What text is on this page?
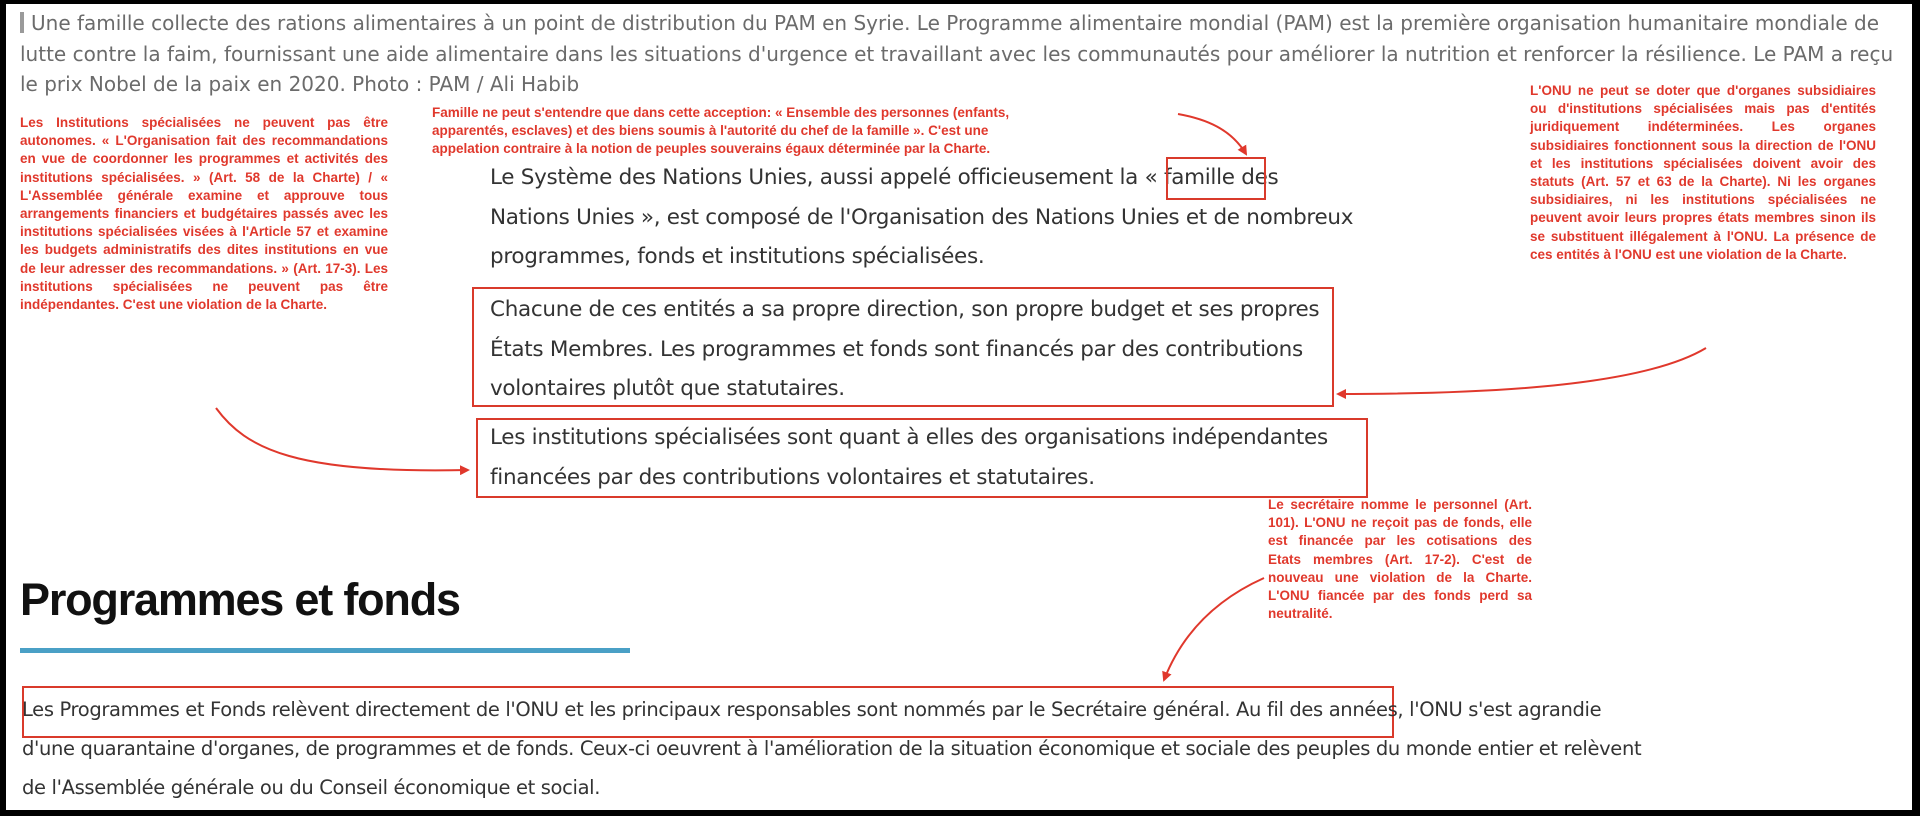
Une famille collecte des rations alimentaires à un point de distribution du PAM en Syrie. Le Programme alimentaire mondial (PAM) est la première organisation humanitaire mondiale de lutte contre la faim, fournissant une aide alimentaire dans les situations d'urgence et travaillant avec les communautés pour améliorer la nutrition et renforcer la résilience. Le PAM a reçu le prix Nobel de la paix en 2020. Photo : PAM / Ali Habib
Les Institutions spécialisées ne peuvent pas être autonomes. « L'Organisation fait des recommandations en vue de coordonner les programmes et activités des institutions spécialisées. » (Art. 58 de la Charte) / « L'Assemblée générale examine et approuve tous arrangements financiers et budgétaires passés avec les institutions spécialisées visées à l'Article 57 et examine les budgets administratifs des dites institutions en vue de leur adresser des recommandations. » (Art. 17-3). Les institutions spécialisées ne peuvent pas être indépendantes. C'est une violation de la Charte.
Famille ne peut s'entendre que dans cette acception: « Ensemble des personnes (enfants,
apparentés, esclaves) et des biens soumis à l'autorité du chef de la famille ». C'est une
appelation contraire à la notion de peuples souverains égaux déterminée par la Charte.
L'ONU ne peut se doter que d'organes subsidiaires ou d'institutions spécialisées mais pas d'entités juridiquement indéterminées. Les organes subsidiaires fonctionnent sous la direction de l'ONU et les institutions spécialisées doivent avoir des statuts (Art. 57 et 63 de la Charte). Ni les organes subsidiaires, ni les institutions spécialisées ne peuvent avoir leurs propres états membres sinon ils se substituent illégalement à l'ONU. La présence de ces entités à l'ONU est une violation de la Charte.
Le secrétaire nomme le personnel (Art. 101). L'ONU ne reçoit pas de fonds, elle est financée par les cotisations des Etats membres (Art. 17-2). C'est de nouveau une violation de la Charte. L'ONU fiancée par des fonds perd sa neutralité.
Le Système des Nations Unies, aussi appelé officieusement la « famille des
Nations Unies », est composé de l'Organisation des Nations Unies et de nombreux
programmes, fonds et institutions spécialisées.
Chacune de ces entités a sa propre direction, son propre budget et ses propres
États Membres. Les programmes et fonds sont financés par des contributions
volontaires plutôt que statutaires.
Les institutions spécialisées sont quant à elles des organisations indépendantes
financées par des contributions volontaires et statutaires.
Programmes et fonds
Les Programmes et Fonds relèvent directement de l'ONU et les principaux responsables sont nommés par le Secrétaire général. Au fil des années, l'ONU s'est agrandie
d'une quarantaine d'organes, de programmes et de fonds. Ceux-ci oeuvrent à l'amélioration de la situation économique et sociale des peuples du monde entier et relèvent
de l'Assemblée générale ou du Conseil économique et social.
